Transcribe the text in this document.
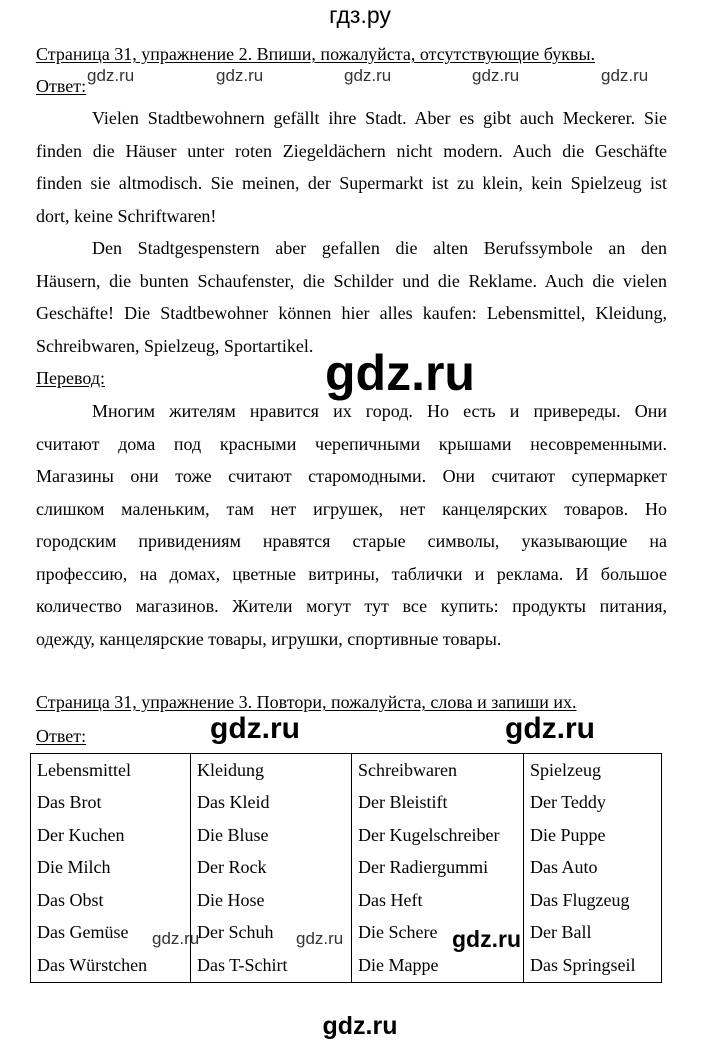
гдз.ру
Страница 31, упражнение 2. Впиши, пожалуйста, отсутствующие буквы.
Ответ:
gdz.ru	gdz.ru	gdz.ru	gdz.ru	gdz.ru
Vielen Stadtbewohnern gefällt ihre Stadt. Aber es gibt auch Meckerer. Sie
finden die Häuser unter roten Ziegeldächern nicht modern. Auch die Geschäfte
finden sie altmodisch. Sie meinen, der Supermarkt ist zu klein, kein Spielzeug ist
dort, keine Schriftwaren!
Den Stadtgespenstern aber gefallen die alten Berufssymbole an den
Häusern, die bunten Schaufenster, die Schilder und die Reklame. Auch die vielen
Geschäfte! Die Stadtbewohner können hier alles kaufen: Lebensmittel, Kleidung,
Schreibwaren, Spielzeug, Sportartikel.
Перевод:	gdz.ru
Многим жителям нравится их город. Но есть и привереды. Они
считают дома под красными черепичными крышами несовременными.
Магазины они тоже считают старомодными. Они считают супермаркет
слишком маленьким, там нет игрушек, нет канцелярских товаров. Но
городским привидениям нравятся старые символы, указывающие на
профессию, на домах, цветные витрины, таблички и реклама. И большое
количество магазинов. Жители могут тут все купить: продукты питания,
одежду, канцелярские товары, игрушки, спортивные товары.
Страница 31, упражнение 3. Повтори, пожалуйста, слова и запиши их.
Ответ:	gdz.ru	gdz.ru
Lebensmittel	Kleidung	Schreibwaren	Spielzeug
Das Brot	Das Kleid	Der Bleistift	Der Teddy
Der Kuchen	Die Bluse	Der Kugelschreiber	Die Puppe
Die Milch	Der Rock	Der Radiergummi	Das Auto
Das Obst	Die Hose	Das Heft	Das Flugzeug
Das Gemüse	Der Schuh	Die Schere	Der Ball
Das Würstchen	Das T-Schirt	Die Mappe	Das Springseil
gdz.ru	gdz.ru	gdz.ru
gdz.ru
